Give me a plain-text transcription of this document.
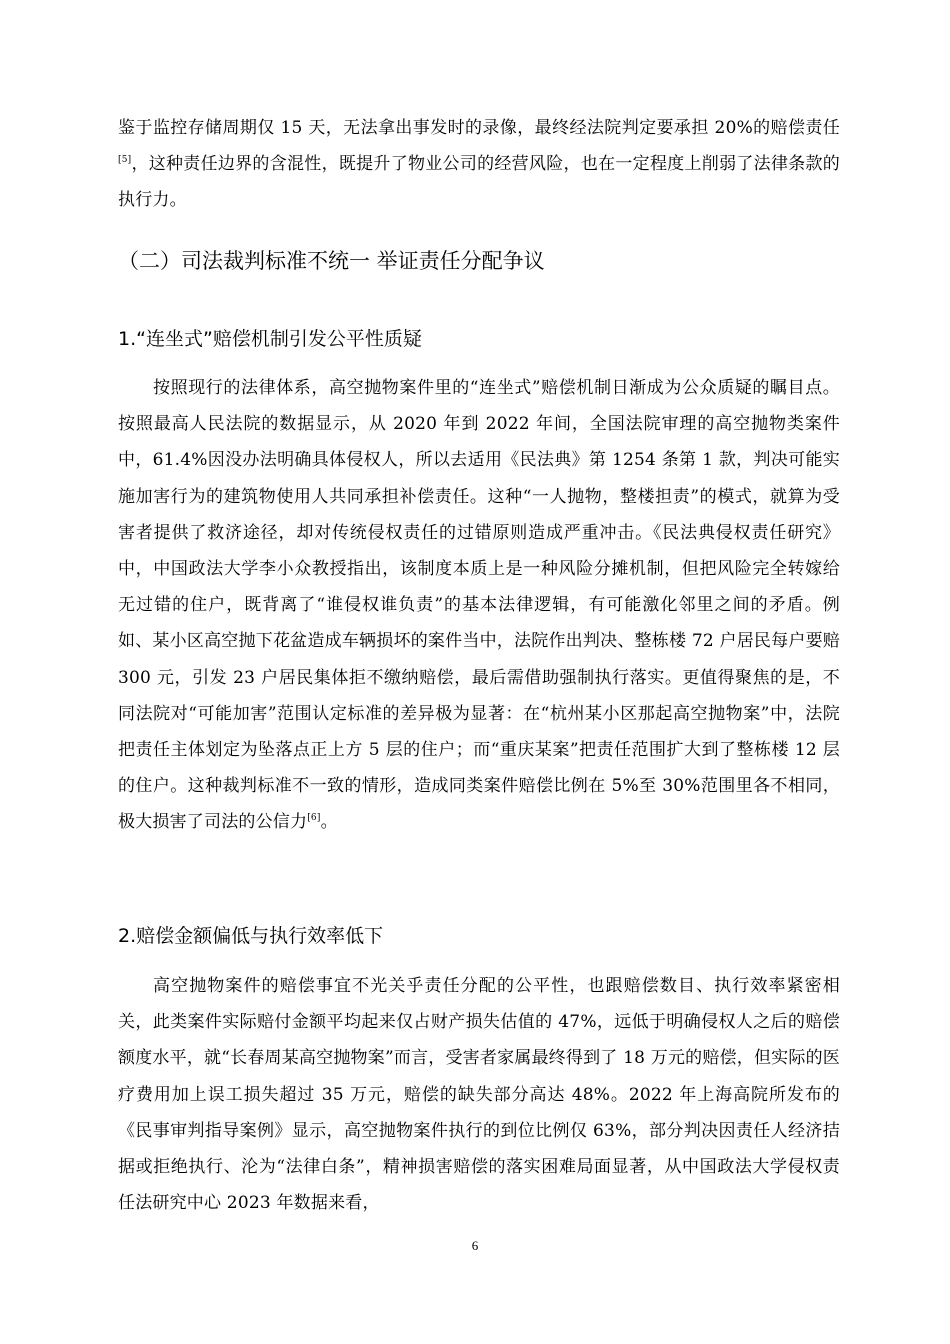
鉴于监控存储周期仅 15 天，无法拿出事发时的录像，最终经法院判定要承担 20%的赔偿责任[5]，这种责任边界的含混性，既提升了物业公司的经营风险，也在一定程度上削弱了法律条款的执行力。

（二）司法裁判标准不统一 举证责任分配争议
1.“连坐式”赔偿机制引发公平性质疑

按照现行的法律体系，高空抛物案件里的“连坐式”赔偿机制日渐成为公众质疑的瞩目点。按照最高人民法院的数据显示，从 2020 年到 2022 年间，全国法院审理的高空抛物类案件中，61.4%因没办法明确具体侵权人，所以去适用《民法典》第 1254 条第 1 款，判决可能实施加害行为的建筑物使用人共同承担补偿责任。这种“一人抛物，整楼担责”的模式，就算为受害者提供了救济途径，却对传统侵权责任的过错原则造成严重冲击。《民法典侵权责任研究》中，中国政法大学李小众教授指出，该制度本质上是一种风险分摊机制，但把风险完全转嫁给无过错的住户，既背离了“谁侵权谁负责”的基本法律逻辑，有可能激化邻里之间的矛盾。例如、某小区高空抛下花盆造成车辆损坏的案件当中，法院作出判决、整栋楼 72 户居民每户要赔 300 元，引发 23 户居民集体拒不缴纳赔偿，最后需借助强制执行落实。更值得聚焦的是，不同法院对“可能加害”范围认定标准的差异极为显著：在“杭州某小区那起高空抛物案”中，法院把责任主体划定为坠落点正上方 5 层的住户；而“重庆某案”把责任范围扩大到了整栋楼 12 层的住户。这种裁判标准不一致的情形，造成同类案件赔偿比例在 5%至 30%范围里各不相同，极大损害了司法的公信力[6]。

2.赔偿金额偏低与执行效率低下

高空抛物案件的赔偿事宜不光关乎责任分配的公平性，也跟赔偿数目、执行效率紧密相关，此类案件实际赔付金额平均起来仅占财产损失估值的 47%，远低于明确侵权人之后的赔偿额度水平，就“长春周某高空抛物案”而言，受害者家属最终得到了 18 万元的赔偿，但实际的医疗费用加上误工损失超过 35 万元，赔偿的缺失部分高达 48%。2022 年上海高院所发布的《民事审判指导案例》显示，高空抛物案件执行的到位比例仅 63%，部分判决因责任人经济拮据或拒绝执行、沦为“法律白条”，精神损害赔偿的落实困难局面显著，从中国政法大学侵权责任法研究中心 2023 年数据来看，

6
